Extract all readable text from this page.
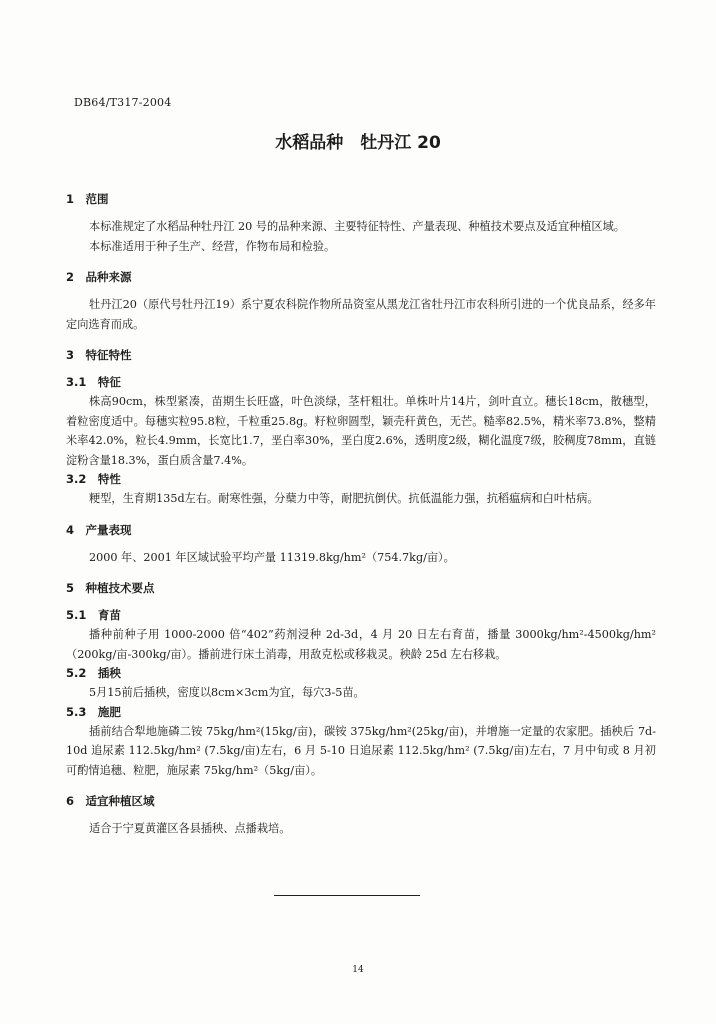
DB64/T317-2004
水稻品种　牡丹江 20

1　范围

本标准规定了水稻品种牡丹江 20 号的品种来源、主要特征特性、产量表现、种植技术要点及适宜种植区域。

本标准适用于种子生产、经营，作物布局和检验。

2　品种来源

牡丹江20（原代号牡丹江19）系宁夏农科院作物所品资室从黑龙江省牡丹江市农科所引进的一个优良品系，经多年定向选育而成。

3　特征特性

3.1　特征

株高90cm，株型紧凑，苗期生长旺盛，叶色淡绿，茎杆粗壮。单株叶片14片，剑叶直立。穗长18cm，散穗型，着粒密度适中。每穗实粒95.8粒，千粒重25.8g。籽粒卵圆型，颖壳秆黄色，无芒。糙率82.5%，精米率73.8%，整精米率42.0%，粒长4.9mm，长宽比1.7，垩白率30%，垩白度2.6%，透明度2级，糊化温度7级，胶稠度78mm，直链淀粉含量18.3%，蛋白质含量7.4%。

3.2　特性

粳型，生育期135d左右。耐寒性强，分蘖力中等，耐肥抗倒伏。抗低温能力强，抗稻瘟病和白叶枯病。

4　产量表现

2000 年、2001 年区域试验平均产量 11319.8kg/hm²（754.7kg/亩）。

5　种植技术要点

5.1　育苗

播种前种子用 1000-2000 倍“402”药剂浸种 2d-3d，4 月 20 日左右育苗，播量 3000kg/hm²-4500kg/hm²（200kg/亩-300kg/亩）。播前进行床土消毒，用敌克松或移栽灵。秧龄 25d 左右移栽。

5.2　插秧

5月15前后插秧，密度以8cm×3cm为宜，每穴3-5苗。

5.3　施肥

插前结合犁地施磷二铵 75kg/hm²(15kg/亩)，碳铵 375kg/hm²(25kg/亩)，并增施一定量的农家肥。插秧后 7d-10d 追尿素 112.5kg/hm² (7.5kg/亩)左右，6 月 5-10 日追尿素 112.5kg/hm² (7.5kg/亩)左右，7 月中旬或 8 月初可酌情追穗、粒肥，施尿素 75kg/hm²（5kg/亩）。

6　适宜种植区域

适合于宁夏黄灌区各县插秧、点播栽培。

14
